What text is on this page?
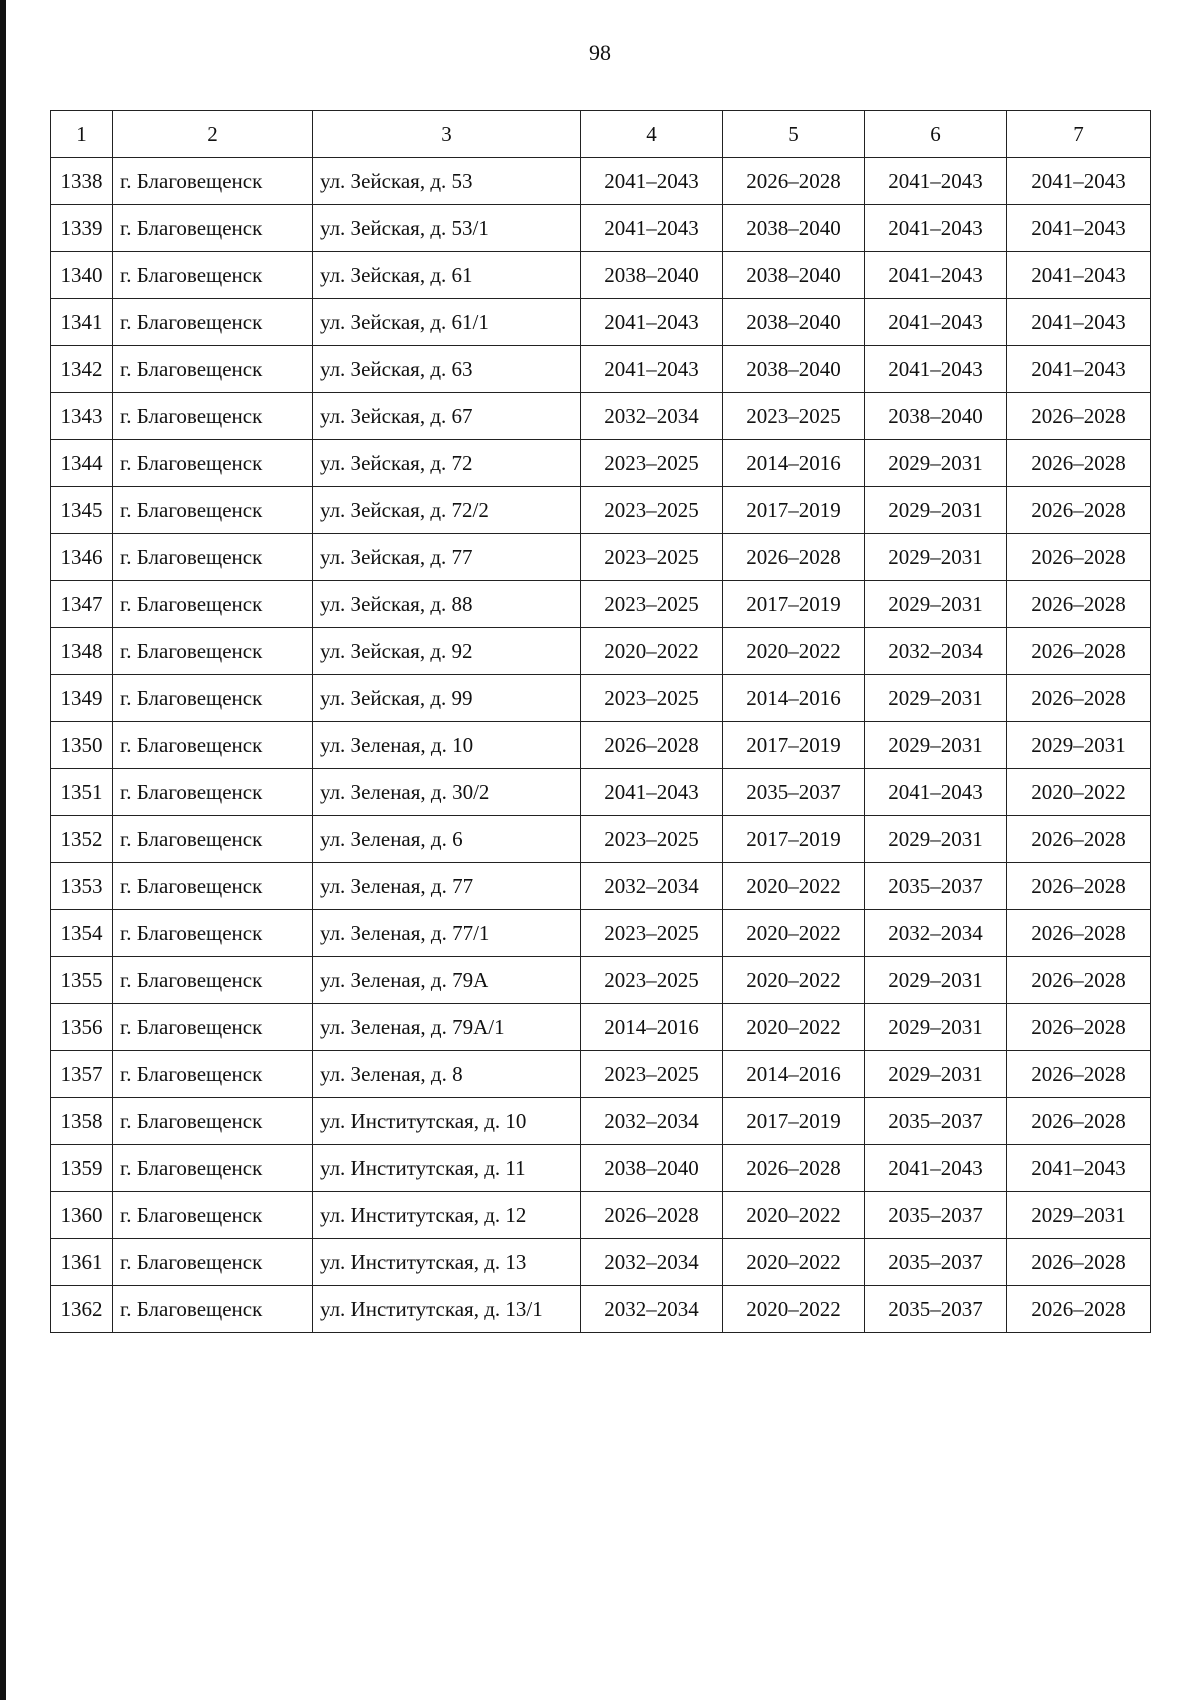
98
1	2	3	4	5	6	7
1338	г. Благовещенск	ул. Зейская, д. 53	2041–2043	2026–2028	2041–2043	2041–2043
1339	г. Благовещенск	ул. Зейская, д. 53/1	2041–2043	2038–2040	2041–2043	2041–2043
1340	г. Благовещенск	ул. Зейская, д. 61	2038–2040	2038–2040	2041–2043	2041–2043
1341	г. Благовещенск	ул. Зейская, д. 61/1	2041–2043	2038–2040	2041–2043	2041–2043
1342	г. Благовещенск	ул. Зейская, д. 63	2041–2043	2038–2040	2041–2043	2041–2043
1343	г. Благовещенск	ул. Зейская, д. 67	2032–2034	2023–2025	2038–2040	2026–2028
1344	г. Благовещенск	ул. Зейская, д. 72	2023–2025	2014–2016	2029–2031	2026–2028
1345	г. Благовещенск	ул. Зейская, д. 72/2	2023–2025	2017–2019	2029–2031	2026–2028
1346	г. Благовещенск	ул. Зейская, д. 77	2023–2025	2026–2028	2029–2031	2026–2028
1347	г. Благовещенск	ул. Зейская, д. 88	2023–2025	2017–2019	2029–2031	2026–2028
1348	г. Благовещенск	ул. Зейская, д. 92	2020–2022	2020–2022	2032–2034	2026–2028
1349	г. Благовещенск	ул. Зейская, д. 99	2023–2025	2014–2016	2029–2031	2026–2028
1350	г. Благовещенск	ул. Зеленая, д. 10	2026–2028	2017–2019	2029–2031	2029–2031
1351	г. Благовещенск	ул. Зеленая, д. 30/2	2041–2043	2035–2037	2041–2043	2020–2022
1352	г. Благовещенск	ул. Зеленая, д. 6	2023–2025	2017–2019	2029–2031	2026–2028
1353	г. Благовещенск	ул. Зеленая, д. 77	2032–2034	2020–2022	2035–2037	2026–2028
1354	г. Благовещенск	ул. Зеленая, д. 77/1	2023–2025	2020–2022	2032–2034	2026–2028
1355	г. Благовещенск	ул. Зеленая, д. 79А	2023–2025	2020–2022	2029–2031	2026–2028
1356	г. Благовещенск	ул. Зеленая, д. 79А/1	2014–2016	2020–2022	2029–2031	2026–2028
1357	г. Благовещенск	ул. Зеленая, д. 8	2023–2025	2014–2016	2029–2031	2026–2028
1358	г. Благовещенск	ул. Институтская, д. 10	2032–2034	2017–2019	2035–2037	2026–2028
1359	г. Благовещенск	ул. Институтская, д. 11	2038–2040	2026–2028	2041–2043	2041–2043
1360	г. Благовещенск	ул. Институтская, д. 12	2026–2028	2020–2022	2035–2037	2029–2031
1361	г. Благовещенск	ул. Институтская, д. 13	2032–2034	2020–2022	2035–2037	2026–2028
1362	г. Благовещенск	ул. Институтская, д. 13/1	2032–2034	2020–2022	2035–2037	2026–2028
